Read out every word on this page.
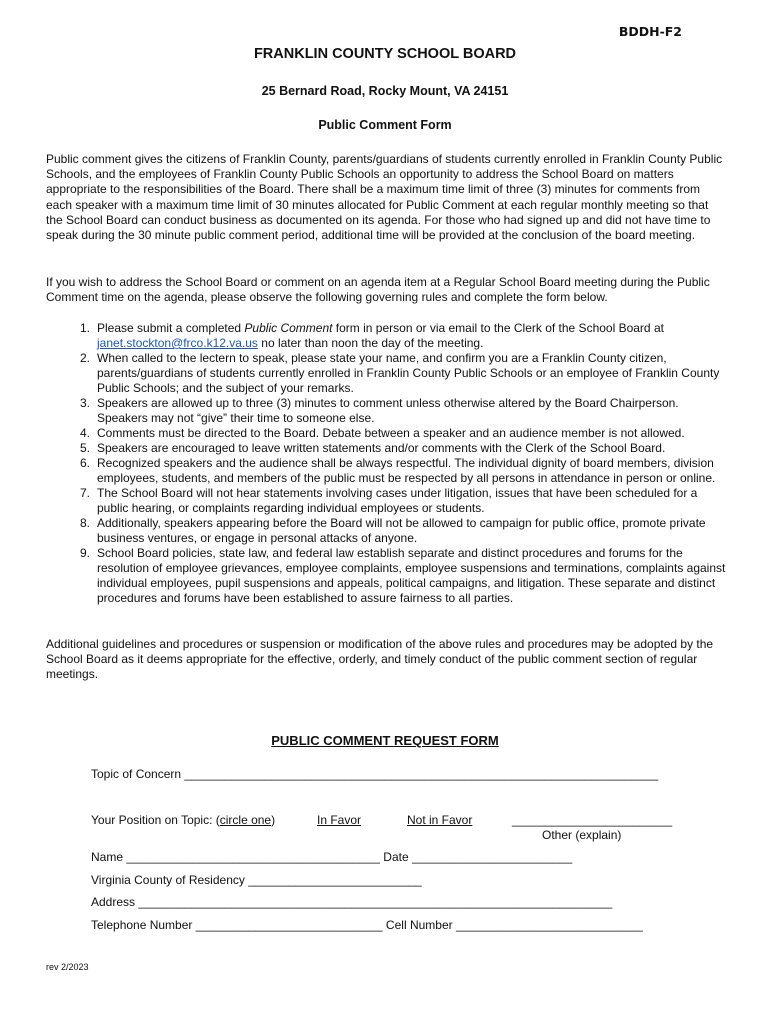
BDDH-F2
FRANKLIN COUNTY SCHOOL BOARD
25 Bernard Road, Rocky Mount, VA 24151
Public Comment Form
Public comment gives the citizens of Franklin County, parents/guardians of students currently enrolled in Franklin County Public Schools, and the employees of Franklin County Public Schools an opportunity to address the School Board on matters appropriate to the responsibilities of the Board. There shall be a maximum time limit of three (3) minutes for comments from each speaker with a maximum time limit of 30 minutes allocated for Public Comment at each regular monthly meeting so that the School Board can conduct business as documented on its agenda. For those who had signed up and did not have time to speak during the 30 minute public comment period, additional time will be provided at the conclusion of the board meeting.
If you wish to address the School Board or comment on an agenda item at a Regular School Board meeting during the Public Comment time on the agenda, please observe the following governing rules and complete the form below.
1. Please submit a completed Public Comment form in person or via email to the Clerk of the School Board at janet.stockton@frco.k12.va.us no later than noon the day of the meeting.
2. When called to the lectern to speak, please state your name, and confirm you are a Franklin County citizen, parents/guardians of students currently enrolled in Franklin County Public Schools or an employee of Franklin County Public Schools; and the subject of your remarks.
3. Speakers are allowed up to three (3) minutes to comment unless otherwise altered by the Board Chairperson. Speakers may not “give” their time to someone else.
4. Comments must be directed to the Board. Debate between a speaker and an audience member is not allowed.
5. Speakers are encouraged to leave written statements and/or comments with the Clerk of the School Board.
6. Recognized speakers and the audience shall be always respectful. The individual dignity of board members, division employees, students, and members of the public must be respected by all persons in attendance in person or online.
7. The School Board will not hear statements involving cases under litigation, issues that have been scheduled for a public hearing, or complaints regarding individual employees or students.
8. Additionally, speakers appearing before the Board will not be allowed to campaign for public office, promote private business ventures, or engage in personal attacks of anyone.
9. School Board policies, state law, and federal law establish separate and distinct procedures and forums for the resolution of employee grievances, employee complaints, employee suspensions and terminations, complaints against individual employees, pupil suspensions and appeals, political campaigns, and litigation. These separate and distinct procedures and forums have been established to assure fairness to all parties.
Additional guidelines and procedures or suspension or modification of the above rules and procedures may be adopted by the School Board as it deems appropriate for the effective, orderly, and timely conduct of the public comment section of regular meetings.
PUBLIC COMMENT REQUEST FORM
Topic of Concern _______________________________________________________________________
Your Position on Topic: (circle one)	In Favor	Not in Favor	________________________
Other (explain)
Name ______________________________________ Date ________________________
Virginia County of Residency __________________________
Address _______________________________________________________________________
Telephone Number ____________________________ Cell Number ____________________________
rev 2/2023
